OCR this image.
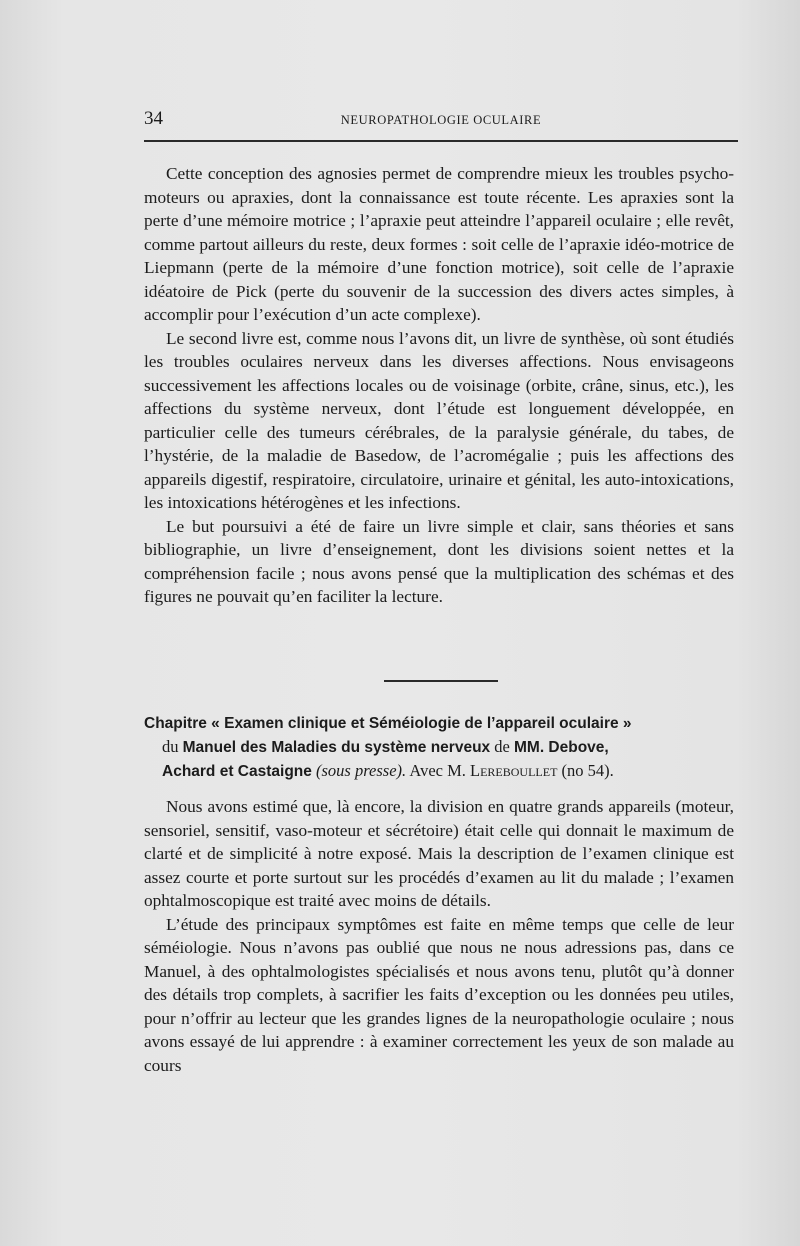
34	NEUROPATHOLOGIE OCULAIRE

Cette conception des agnosies permet de comprendre mieux les troubles psycho-moteurs ou apraxies, dont la connaissance est toute récente. Les apraxies sont la perte d’une mémoire motrice ; l’apraxie peut atteindre l’appareil oculaire ; elle revêt, comme partout ailleurs du reste, deux formes : soit celle de l’apraxie idéo-motrice de Liepmann (perte de la mémoire d’une fonction motrice), soit celle de l’apraxie idéatoire de Pick (perte du souvenir de la succession des divers actes simples, à accomplir pour l’exécution d’un acte complexe).

Le second livre est, comme nous l’avons dit, un livre de synthèse, où sont étudiés les troubles oculaires nerveux dans les diverses affections. Nous envisageons successivement les affections locales ou de voisinage (orbite, crâne, sinus, etc.), les affections du système nerveux, dont l’étude est longuement développée, en particulier celle des tumeurs cérébrales, de la paralysie générale, du tabes, de l’hystérie, de la maladie de Basedow, de l’acromégalie ; puis les affections des appareils digestif, respiratoire, circulatoire, urinaire et génital, les auto-intoxications, les intoxications hétérogènes et les infections.

Le but poursuivi a été de faire un livre simple et clair, sans théories et sans bibliographie, un livre d’enseignement, dont les divisions soient nettes et la compréhension facile ; nous avons pensé que la multiplication des schémas et des figures ne pouvait qu’en faciliter la lecture.

Chapitre « Examen clinique et Séméiologie de l’appareil oculaire »
du Manuel des Maladies du système nerveux de MM. Debove,
Achard et Castaigne (sous presse). Avec M. Lereboullet (no 54).

Nous avons estimé que, là encore, la division en quatre grands appareils (moteur, sensoriel, sensitif, vaso-moteur et sécrétoire) était celle qui donnait le maximum de clarté et de simplicité à notre exposé. Mais la description de l’examen clinique est assez courte et porte surtout sur les procédés d’examen au lit du malade ; l’examen ophtalmoscopique est traité avec moins de détails.

L’étude des principaux symptômes est faite en même temps que celle de leur séméiologie. Nous n’avons pas oublié que nous ne nous adressions pas, dans ce Manuel, à des ophtalmologistes spécialisés et nous avons tenu, plutôt qu’à donner des détails trop complets, à sacrifier les faits d’exception ou les données peu utiles, pour n’offrir au lecteur que les grandes lignes de la neuropathologie oculaire ; nous avons essayé de lui apprendre : à examiner correctement les yeux de son malade au cours
